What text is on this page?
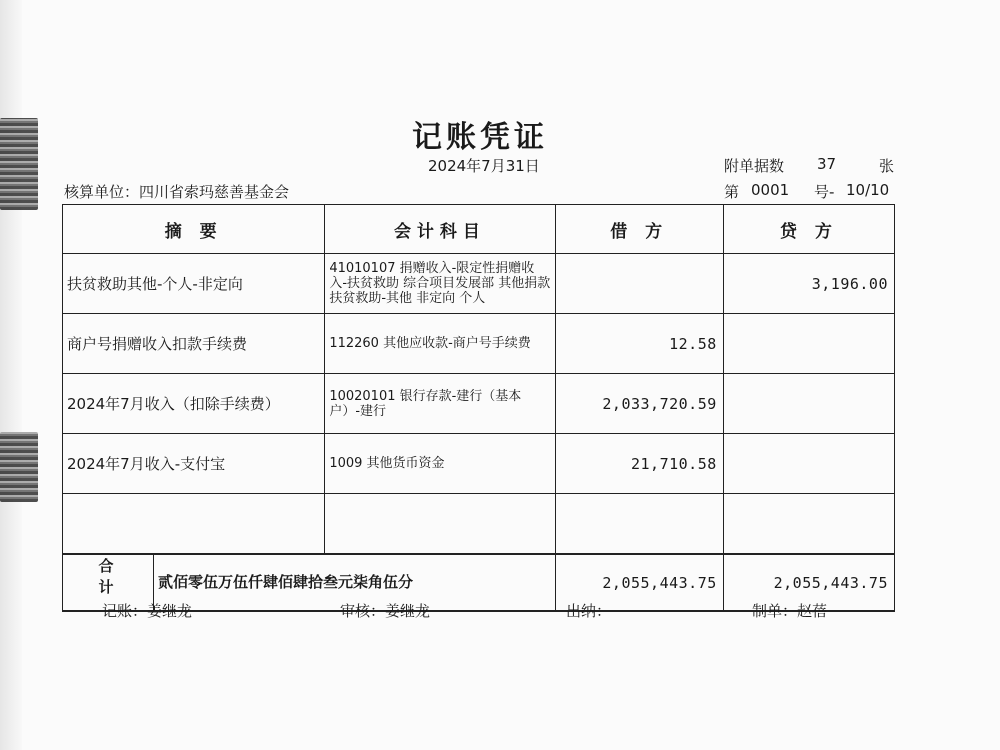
记账凭证
2024年7月31日	附单据数 37	张
核算单位：四川省索玛慈善基金会	第 0001 号- 10/10
摘 要	会计科目	借 方	贷 方
扶贫救助其他-个人-非定向	41010107 捐赠收入-限定性捐赠收入-扶贫救助 综合项目发展部 其他捐款 扶贫救助-其他 非定向 个人		3,196.00
商户号捐赠收入扣款手续费	112260 其他应收款-商户号手续费	12.58	
2024年7月收入（扣除手续费）	10020101 银行存款-建行（基本户）-建行	2,033,720.59	
2024年7月收入-支付宝	1009 其他货币资金	21,710.58	

合 计 贰佰零伍万伍仟肆佰肆拾叁元柒角伍分		2,055,443.75	2,055,443.75
记账：姜继龙	审核：姜继龙	出纳：	制单：赵蓓
